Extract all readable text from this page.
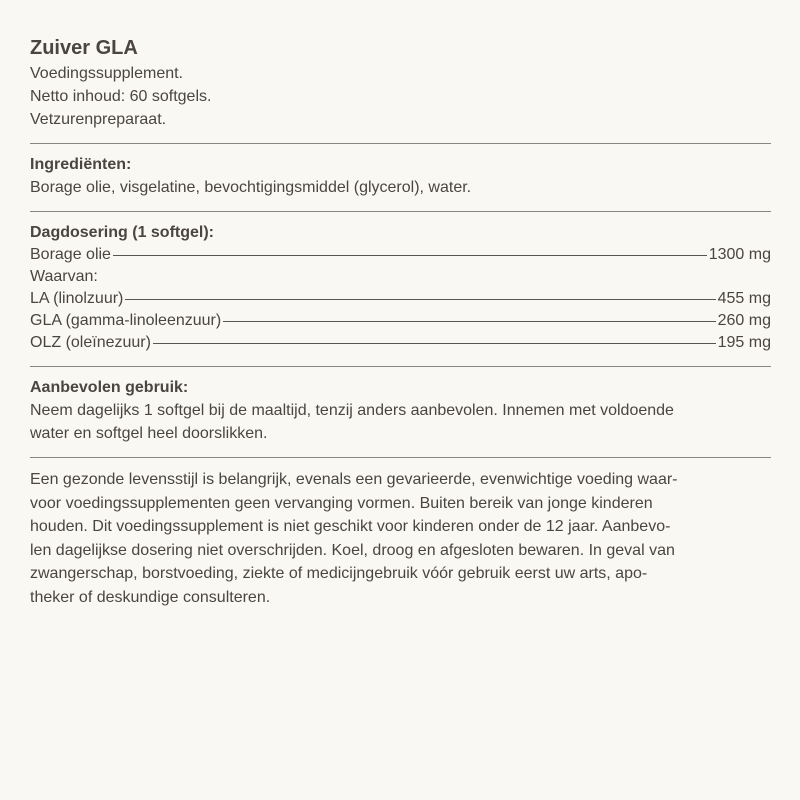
Zuiver GLA

Voedingssupplement.

Netto inhoud: 60 softgels.

Vetzurenpreparaat.

Ingrediënten:

Borage olie, visgelatine, bevochtigingsmiddel (glycerol), water.

Dagdosering (1 softgel):
Borage olie	1300 mg
Waarvan:
LA (linolzuur)	455 mg
GLA (gamma-linoleenzuur)	260 mg
OLZ (oleïnezuur)	195 mg
Aanbevolen gebruik:

Neem dagelijks 1 softgel bij de maaltijd, tenzij anders aanbevolen. Innemen met voldoende

water en softgel heel doorslikken.

Een gezonde levensstijl is belangrijk, evenals een gevarieerde, evenwichtige voeding waar-

voor voedingssupplementen geen vervanging vormen. Buiten bereik van jonge kinderen

houden. Dit voedingssupplement is niet geschikt voor kinderen onder de 12 jaar. Aanbevo-

len dagelijkse dosering niet overschrijden. Koel, droog en afgesloten bewaren. In geval van

zwangerschap, borstvoeding, ziekte of medicijngebruik vóór gebruik eerst uw arts, apo-

theker of deskundige consulteren.
